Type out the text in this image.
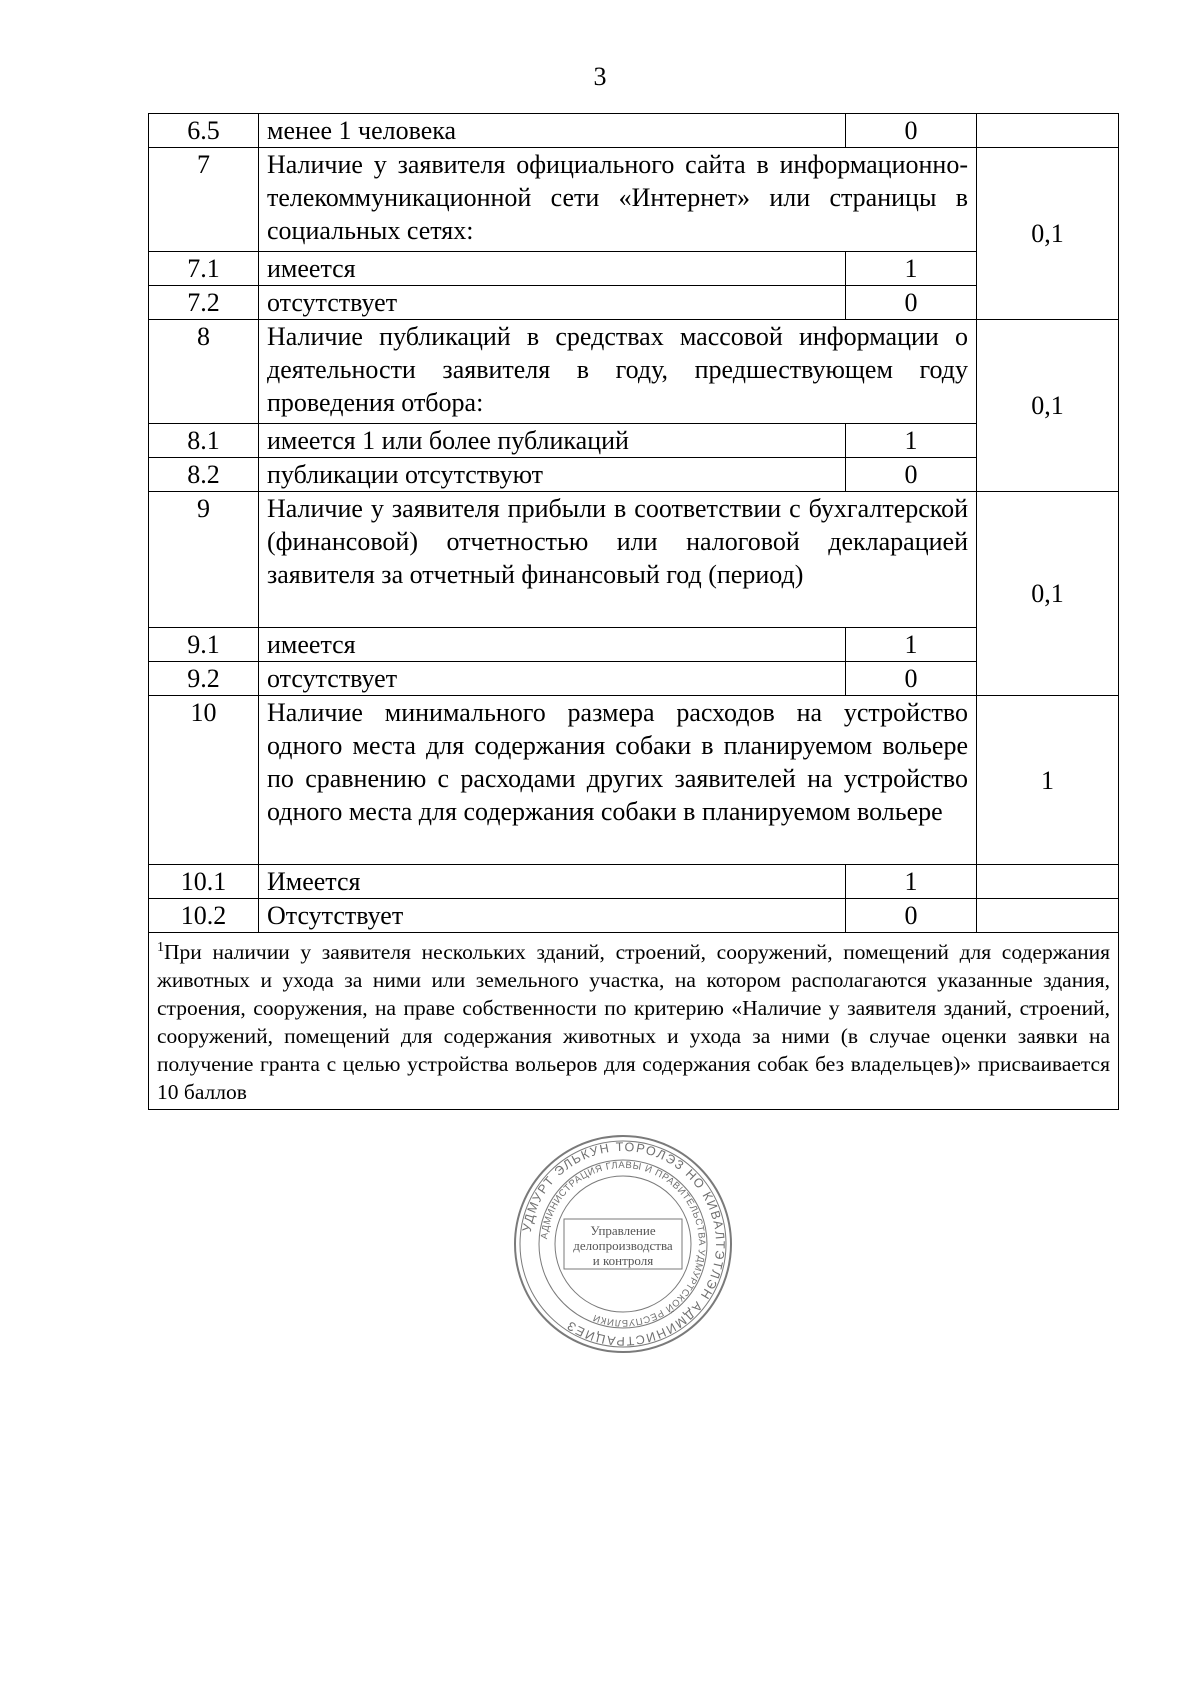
3
6.5	менее 1 человека	0	
7	Наличие у заявителя официального сайта в информационно-телекоммуникационной сети «Интернет» или страницы в социальных сетях:		0,1
7.1	имеется	1	
7.2	отсутствует	0	
8	Наличие публикаций в средствах массовой информации о деятельности заявителя в году, предшествующем году проведения отбора:		0,1
8.1	имеется 1 или более публикаций	1	
8.2	публикации отсутствуют	0	
9	Наличие у заявителя прибыли в соответствии с бухгалтерской (финансовой) отчетностью или налоговой декларацией заявителя за отчетный финансовый год (период)		0,1
9.1	имеется	1	
9.2	отсутствует	0	
10	Наличие минимального размера расходов на устройство одного места для содержания собаки в планируемом вольере по сравнению с расходами других заявителей на устройство одного места для содержания собаки в планируемом вольере		1
10.1	Имеется	1	
10.2	Отсутствует	0	
$^1$При наличии у заявителя нескольких зданий, строений, сооружений, помещений для содержания животных и ухода за ними или земельного участка, на котором располагаются указанные здания, строения, сооружения, на праве собственности по критерию «Наличие у заявителя зданий, строений, сооружений, помещений для содержания животных и ухода за ними (в случае оценки заявки на получение гранта с целью устройства вольеров для содержания собак без владельцев)» присваивается 10 баллов			
УДМУРТ ЭЛЬКУН ТОРОЛЭЗ НО КИВАЛТЭТЛЭН АДМИНИСТРАЦИЕЗ
АДМИНИСТРАЦИЯ ГЛАВЫ И ПРАВИТЕЛЬСТВА УДМУРТСКОЙ РЕСПУБЛИКИ
Управление
делопроизводства
и контроля
